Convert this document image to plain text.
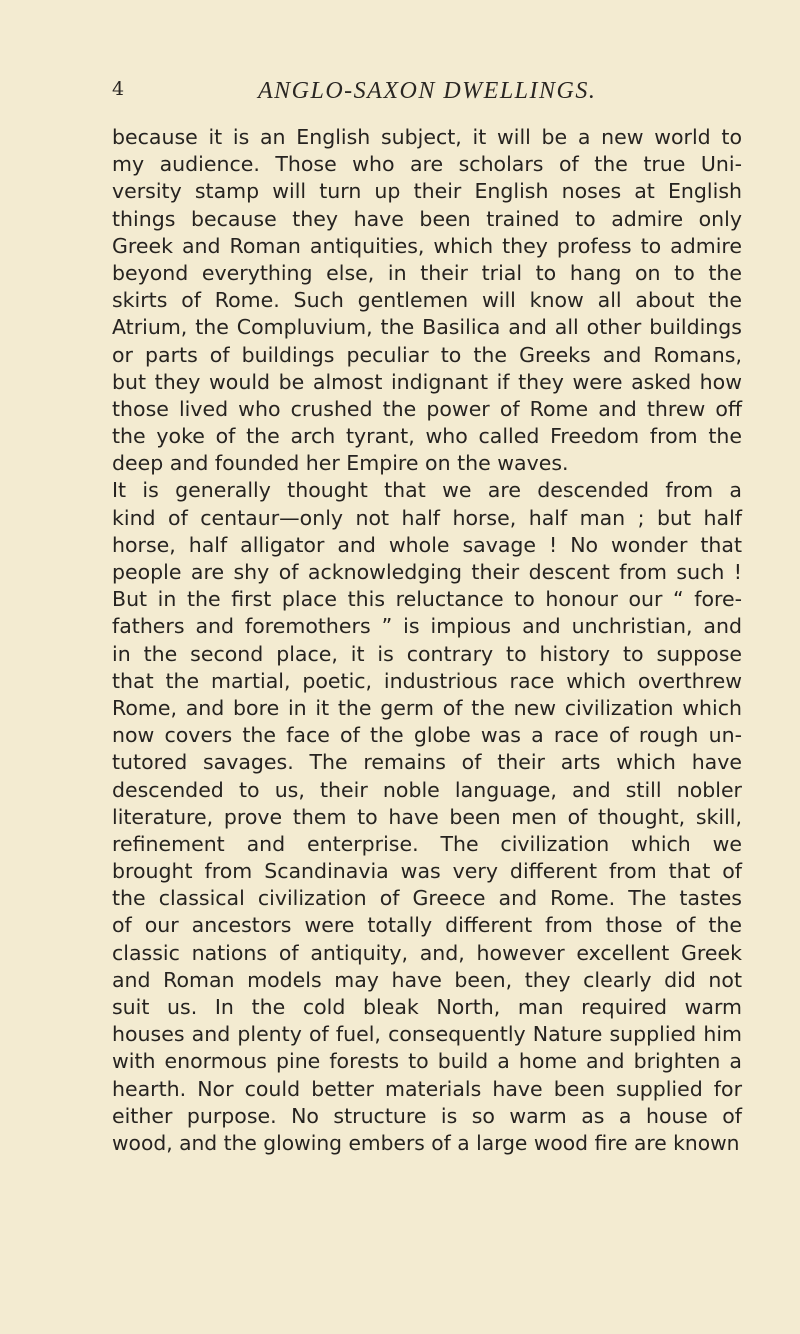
4	ANGLO-SAXON DWELLINGS.
because it is an English subject, it will be a new world to
my audience. Those who are scholars of the true Uni-
versity stamp will turn up their English noses at English
things because they have been trained to admire only
Greek and Roman antiquities, which they profess to admire
beyond everything else, in their trial to hang on to the
skirts of Rome. Such gentlemen will know all about the
Atrium, the Compluvium, the Basilica and all other buildings
or parts of buildings peculiar to the Greeks and Romans,
but they would be almost indignant if they were asked how
those lived who crushed the power of Rome and threw off
the yoke of the arch tyrant, who called Freedom from the
deep and founded her Empire on the waves.
It is generally thought that we are descended from a
kind of centaur—only not half horse, half man ; but half
horse, half alligator and whole savage ! No wonder that
people are shy of acknowledging their descent from such !
But in the first place this reluctance to honour our “ fore-
fathers and foremothers ” is impious and unchristian, and
in the second place, it is contrary to history to suppose
that the martial, poetic, industrious race which overthrew
Rome, and bore in it the germ of the new civilization which
now covers the face of the globe was a race of rough un-
tutored savages. The remains of their arts which have
descended to us, their noble language, and still nobler
literature, prove them to have been men of thought, skill,
refinement and enterprise. The civilization which we
brought from Scandinavia was very different from that of
the classical civilization of Greece and Rome. The tastes
of our ancestors were totally different from those of the
classic nations of antiquity, and, however excellent Greek
and Roman models may have been, they clearly did not
suit us. In the cold bleak North, man required warm
houses and plenty of fuel, consequently Nature supplied him
with enormous pine forests to build a home and brighten a
hearth. Nor could better materials have been supplied for
either purpose. No structure is so warm as a house of
wood, and the glowing embers of a large wood fire are known
